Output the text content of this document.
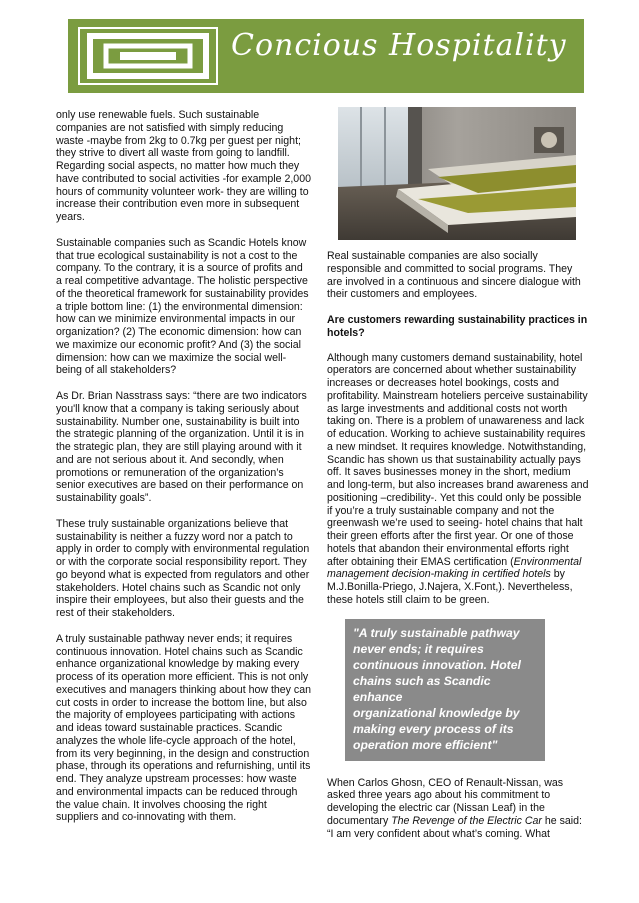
Concious Hospitality

only use renewable fuels. Such sustainable companies are not satisfied with simply reducing waste -maybe from 2kg to 0.7kg per guest per night; they strive to divert all waste from going to landfill. Regarding social aspects, no matter how much they have contributed to social activities -for example 2,000 hours of community volunteer work- they are willing to increase their contribution even more in subsequent years.

Sustainable companies such as Scandic Hotels know that true ecological sustainability is not a cost to the company. To the contrary, it is a source of profits and a real competitive advantage. The holistic perspective of the theoretical framework for sustainability provides a triple bottom line: (1) the environmental dimension: how can we minimize environmental impacts in our organization? (2) The economic dimension: how can we maximize our economic profit? And (3) the social dimension: how can we maximize the social well-being of all stakeholders?

As Dr. Brian Nasstrass says: “there are two indicators you'll know that a company is taking seriously about sustainability. Number one, sustainability is built into the strategic planning of the organization. Until it is in the strategic plan, they are still playing around with it and are not serious about it. And secondly, when promotions or remuneration of the organization’s senior executives are based on their performance on sustainability goals”.

These truly sustainable organizations believe that sustainability is neither a fuzzy word nor a patch to apply in order to comply with environmental regulation or with the corporate social responsibility report. They go beyond what is expected from regulators and other stakeholders. Hotel chains such as Scandic not only inspire their employees, but also their guests and the rest of their stakeholders.

A truly sustainable pathway never ends; it requires continuous innovation. Hotel chains such as Scandic enhance organizational knowledge by making every process of its operation more efficient. This is not only executives and managers thinking about how they can cut costs in order to increase the bottom line, but also the majority of employees participating with actions and ideas toward sustainable practices. Scandic analyzes the whole life-cycle approach of the hotel, from its very beginning, in the design and construction phase, through its operations and refurnishing, until its end. They analyze upstream processes: how waste and environmental impacts can be reduced through the value chain. It involves choosing the right suppliers and co-innovating with them.

Real sustainable companies are also socially responsible and committed to social programs. They are involved in a continuous and sincere dialogue with their customers and employees.

Are customers rewarding sustainability practices in hotels?

Although many customers demand sustainability, hotel operators are concerned about whether sustainability increases or decreases hotel bookings, costs and profitability. Mainstream hoteliers perceive sustainability as large investments and additional costs not worth taking on. There is a problem of unawareness and lack of education. Working to achieve sustainability requires a new mindset. It requires knowledge. Notwithstanding, Scandic has shown us that sustainability actually pays off. It saves businesses money in the short, medium and long-term, but also increases brand awareness and positioning –credibility-. Yet this could only be possible if you’re a truly sustainable company and not the greenwash we’re used to seeing- hotel chains that halt their green efforts after the first year. Or one of those hotels that abandon their environmental efforts right after obtaining their EMAS certification (Environmental management decision-making in certified hotels by M.J.Bonilla-Priego, J.Najera, X.Font,). Nevertheless, these hotels still claim to be green.

"A truly sustainable pathway
never ends; it requires
continuous innovation. Hotel
chains such as Scandic enhance
organizational knowledge by
making every process of its
operation more efficient"

When Carlos Ghosn, CEO of Renault-Nissan, was asked three years ago about his commitment to developing the electric car (Nissan Leaf) in the documentary The Revenge of the Electric Car he said: “I am very confident about what’s coming. What
